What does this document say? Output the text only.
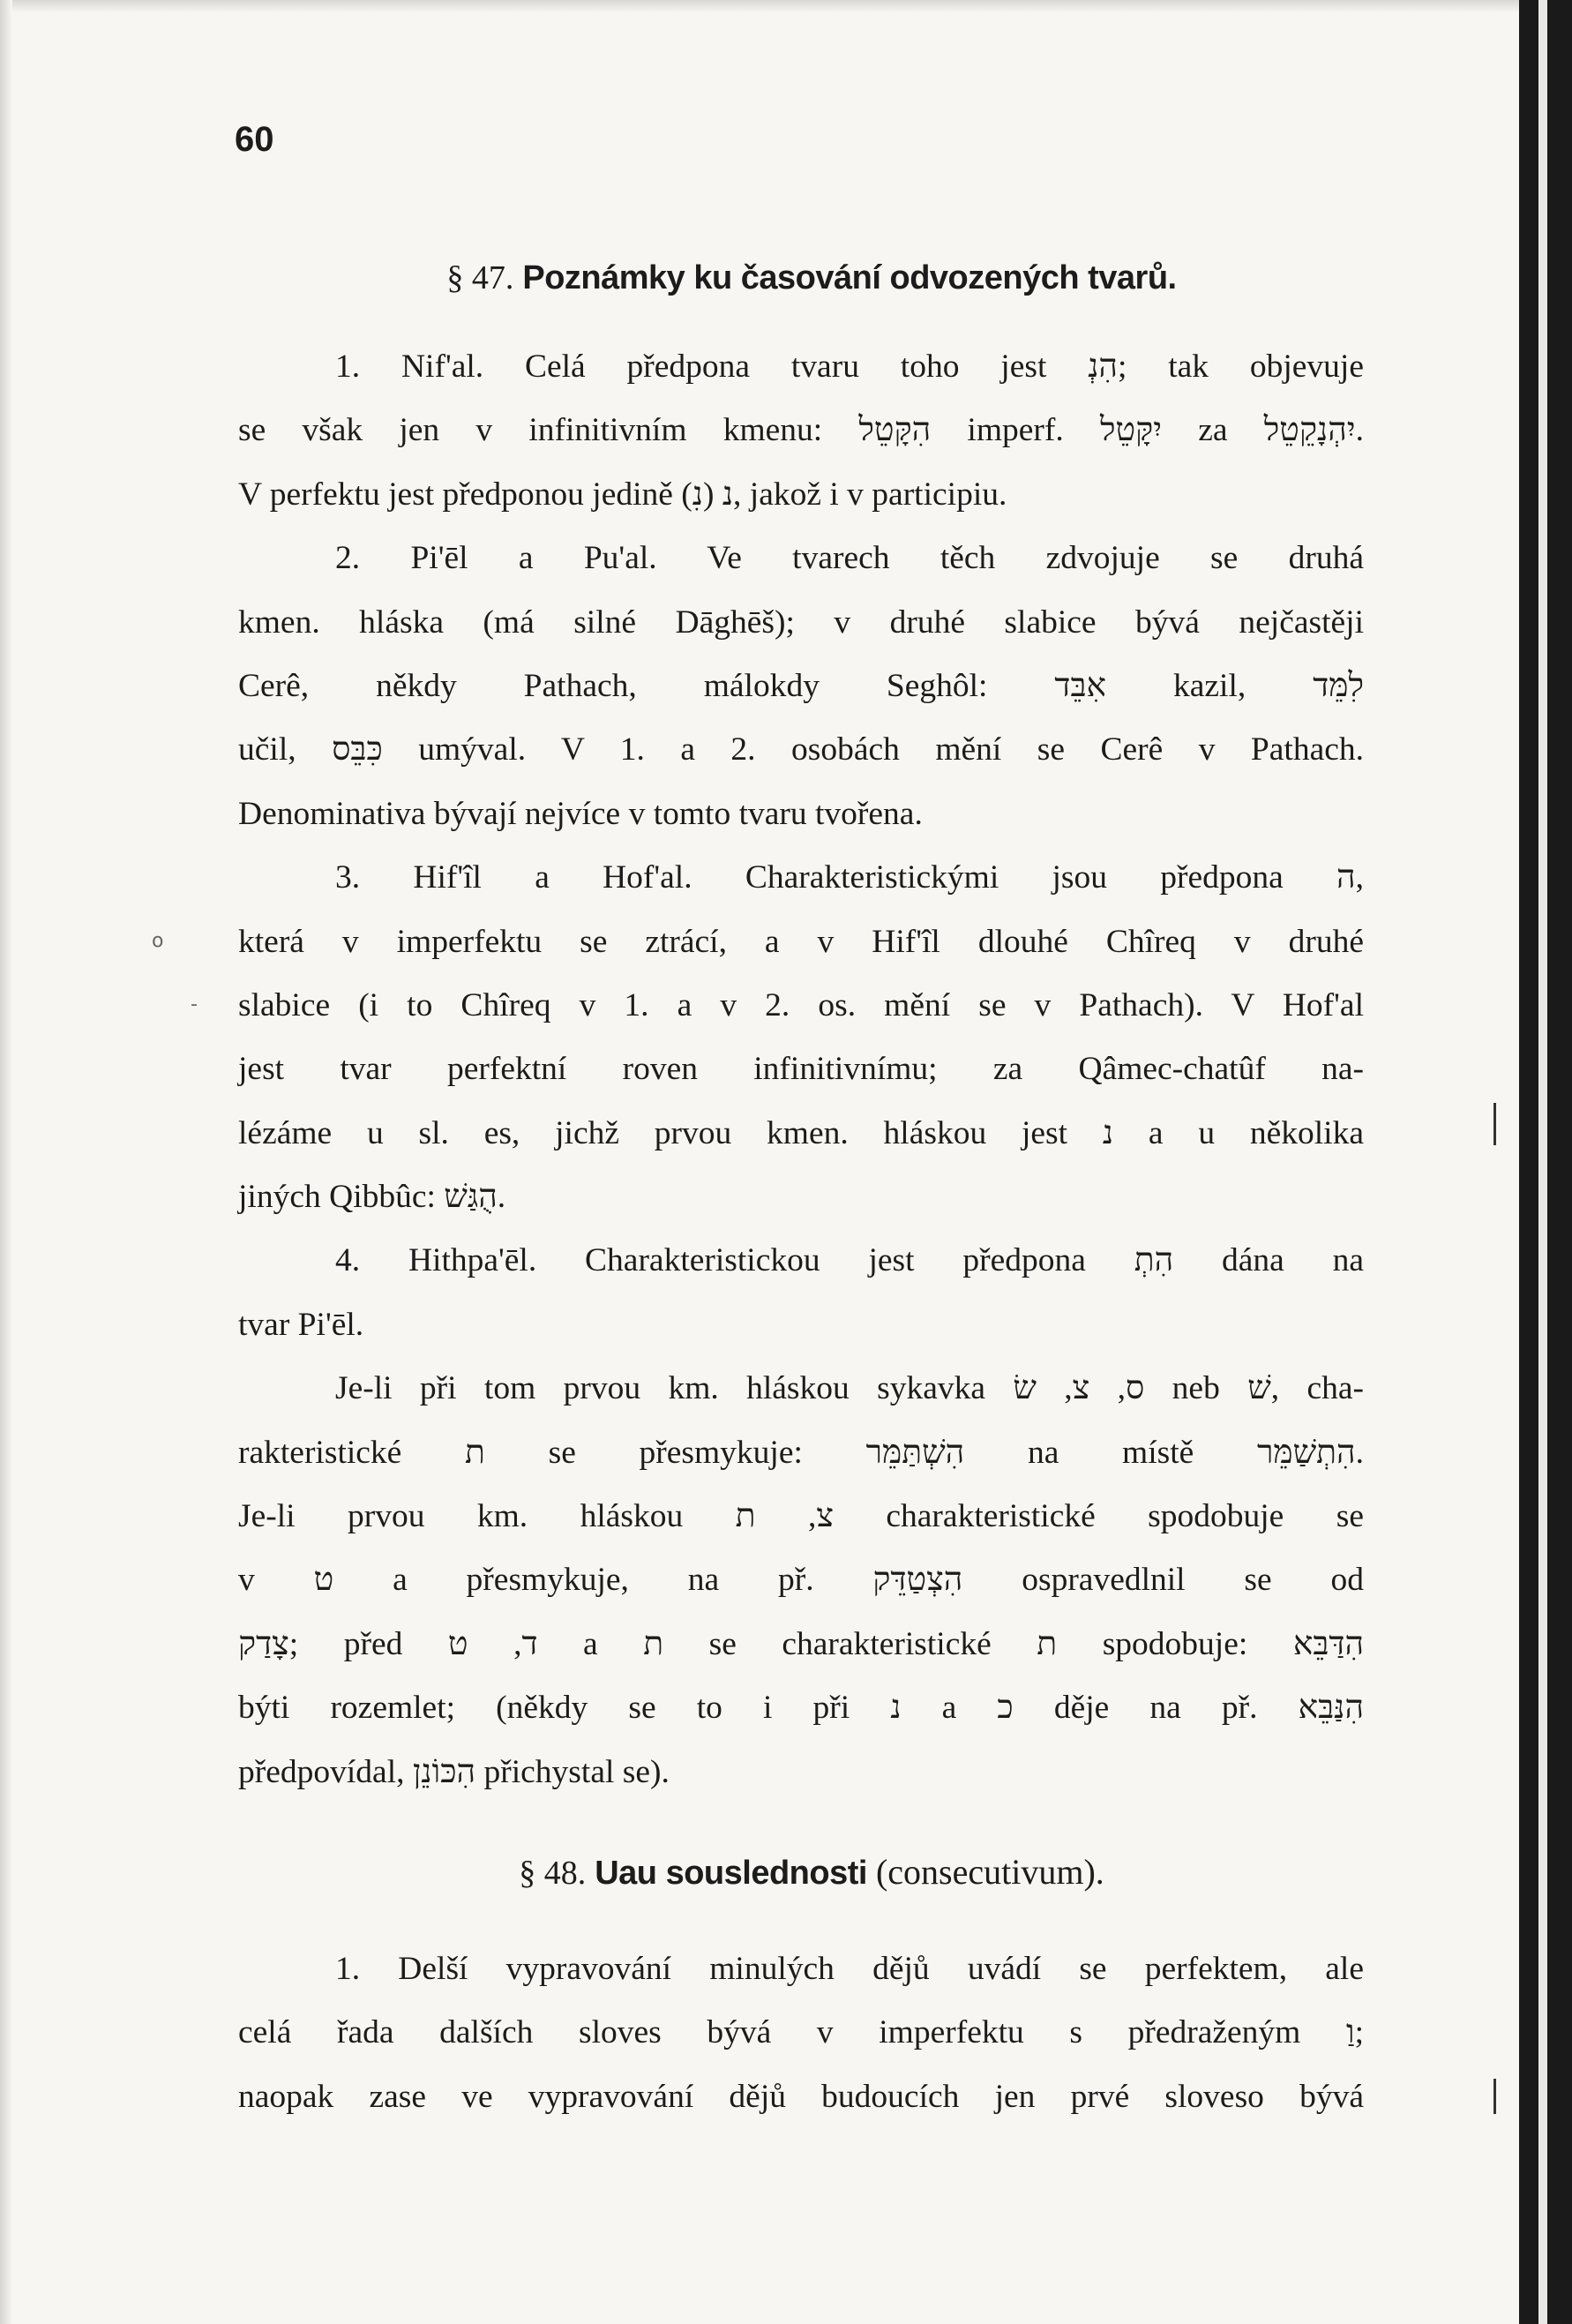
60
§ 47. Poznámky ku časování odvozených tvarů.
1. Nif'al. Celá předpona tvaru toho jest הִנְ; tak objevuje
se však jen v infinitivním kmenu: הִקָּטֵל imperf. יִקָּטֵל za יִהְנָקֵטֵל.
V perfektu jest předponou jedině נ (נִ), jakož i v participiu.
2. Pi'ēl a Pu'al. Ve tvarech těch zdvojuje se druhá
kmen. hláska (má silné Dāghēš); v druhé slabice bývá nejčastěji
Cerê, někdy Pathach, málokdy Seghôl: אִבֵּד kazil, לִמֵּד
učil, כִּבֵּס umýval. V 1. a 2. osobách mění se Cerê v Pathach.
Denominativa bývají nejvíce v tomto tvaru tvořena.
3. Hif'îl a Hof'al. Charakteristickými jsou předpona ה,
která v imperfektu se ztrácí, a v Hif'îl dlouhé Chîreq v druhé
slabice (i to Chîreq v 1. a v 2. os. mění se v Pathach). V Hof'al
jest tvar perfektní roven infinitivnímu; za Qâmec-chatûf na-
lézáme u sl. es, jichž prvou kmen. hláskou jest נ a u několika
jiných Qibbûc: הֻגַּשׁ.
4. Hithpa'ēl. Charakteristickou jest předpona הִתְ dána na
tvar Pi'ēl.
Je-li při tom prvou km. hláskou sykavka ס, צ, שׂ neb שׁ, cha-
rakteristické ת se přesmykuje: הִשְׁתַּמֵּר na místě הִתְשַׁמֵּר.
Je-li prvou km. hláskou צ, ת charakteristické spodobuje se
v ט a přesmykuje, na př. הִצְטַדֵּק ospravedlnil se od
צָדַק; před ד, ט a ת se charakteristické ת spodobuje: הִדַּבֵּא
býti rozemlet; (někdy se to i při נ a כ děje na př. הִנַּבֵּא
předpovídal, הִכּוֹנֵן přichystal se).
§ 48. Uau souslednosti (consecutivum).
1. Delší vypravování minulých dějů uvádí se perfektem, ale
celá řada dalších sloves bývá v imperfektu s předraženým וַ;
naopak zase ve vypravování dějů budoucích jen prvé sloveso bývá
ο
-
